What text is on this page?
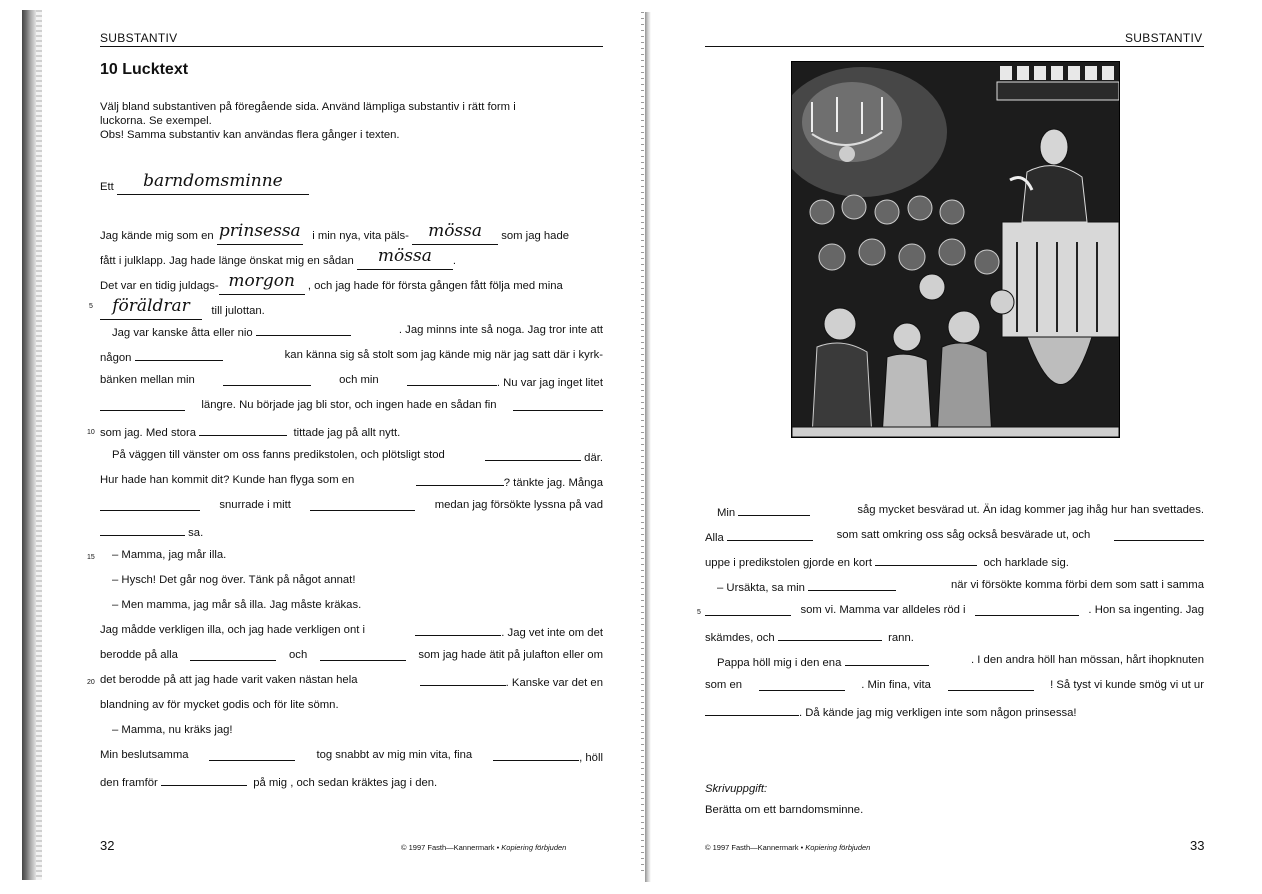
SUBSTANTIV
10 Lucktext
Välj bland substantiven på föregående sida. Använd lämpliga substantiv i rätt form i
luckorna. Se exempel.
Obs! Samma substantiv kan användas flera gånger i texten.
Ett barndomsminne
Jag kände mig som en prinsessa i min nya, vita päls- mössa som jag hade
fått i julklapp. Jag hade länge önskat mig en sådan mössa .
Det var en tidig juldags- morgon , och jag hade för första gången fått följa med mina
föräldrar till julottan.
Jag var kanske åtta eller nio	. Jag minns inte så noga. Jag tror inte att
någon	kan känna sig så stolt som jag kände mig när jag satt där i kyrk-
bänken mellan min	och min	. Nu var jag inget litet
längre. Nu började jag bli stor, och ingen hade en sådan fin
som jag. Med stora	tittade jag på allt nytt.
På väggen till vänster om oss fanns predikstolen, och plötsligt stod	där.
Hur hade han kommit dit? Kunde han flyga som en	? tänkte jag. Många
snurrade i mitt	medan jag försökte lyssna på vad
sa.
– Mamma, jag mår illa.
– Hysch! Det går nog över. Tänk på något annat!
– Men mamma, jag mår så illa. Jag måste kräkas.
Jag mådde verkligen illa, och jag hade verkligen ont i	. Jag vet inte om det
berodde på alla	och	som jag hade ätit på julafton eller om
det berodde på att jag hade varit vaken nästan hela	. Kanske var det en
blandning av för mycket godis och för lite sömn.
– Mamma, nu kräks jag!
Min beslutsamma	tog snabbt av mig min vita, fina	, höll
den framför	på mig , och sedan kräktes jag i den.
5
10
15
20
32	© 1997 Fasth—Kannermark • Kopiering förbjuden
SUBSTANTIV
Min	såg mycket besvärad ut. Än idag kommer jag ihåg hur han svettades.
Alla	som satt omkring oss såg också besvärade ut, och
uppe i predikstolen gjorde en kort	och harklade sig.
– Ursäkta, sa min	när vi försökte komma förbi dem som satt i samma
som vi. Mamma var alldeles röd i	. Hon sa ingenting. Jag
skämdes, och	rann.
Pappa höll mig i den ena	. I den andra höll han mössan, hårt ihopknuten
som en	. Min fina, vita	! Så tyst vi kunde smög vi ut ur
. Då kände jag mig verkligen inte som någon prinsessa!
5
Skrivuppgift:
Berätta om ett barndomsminne.
© 1997 Fasth—Kannermark • Kopiering förbjuden	33
